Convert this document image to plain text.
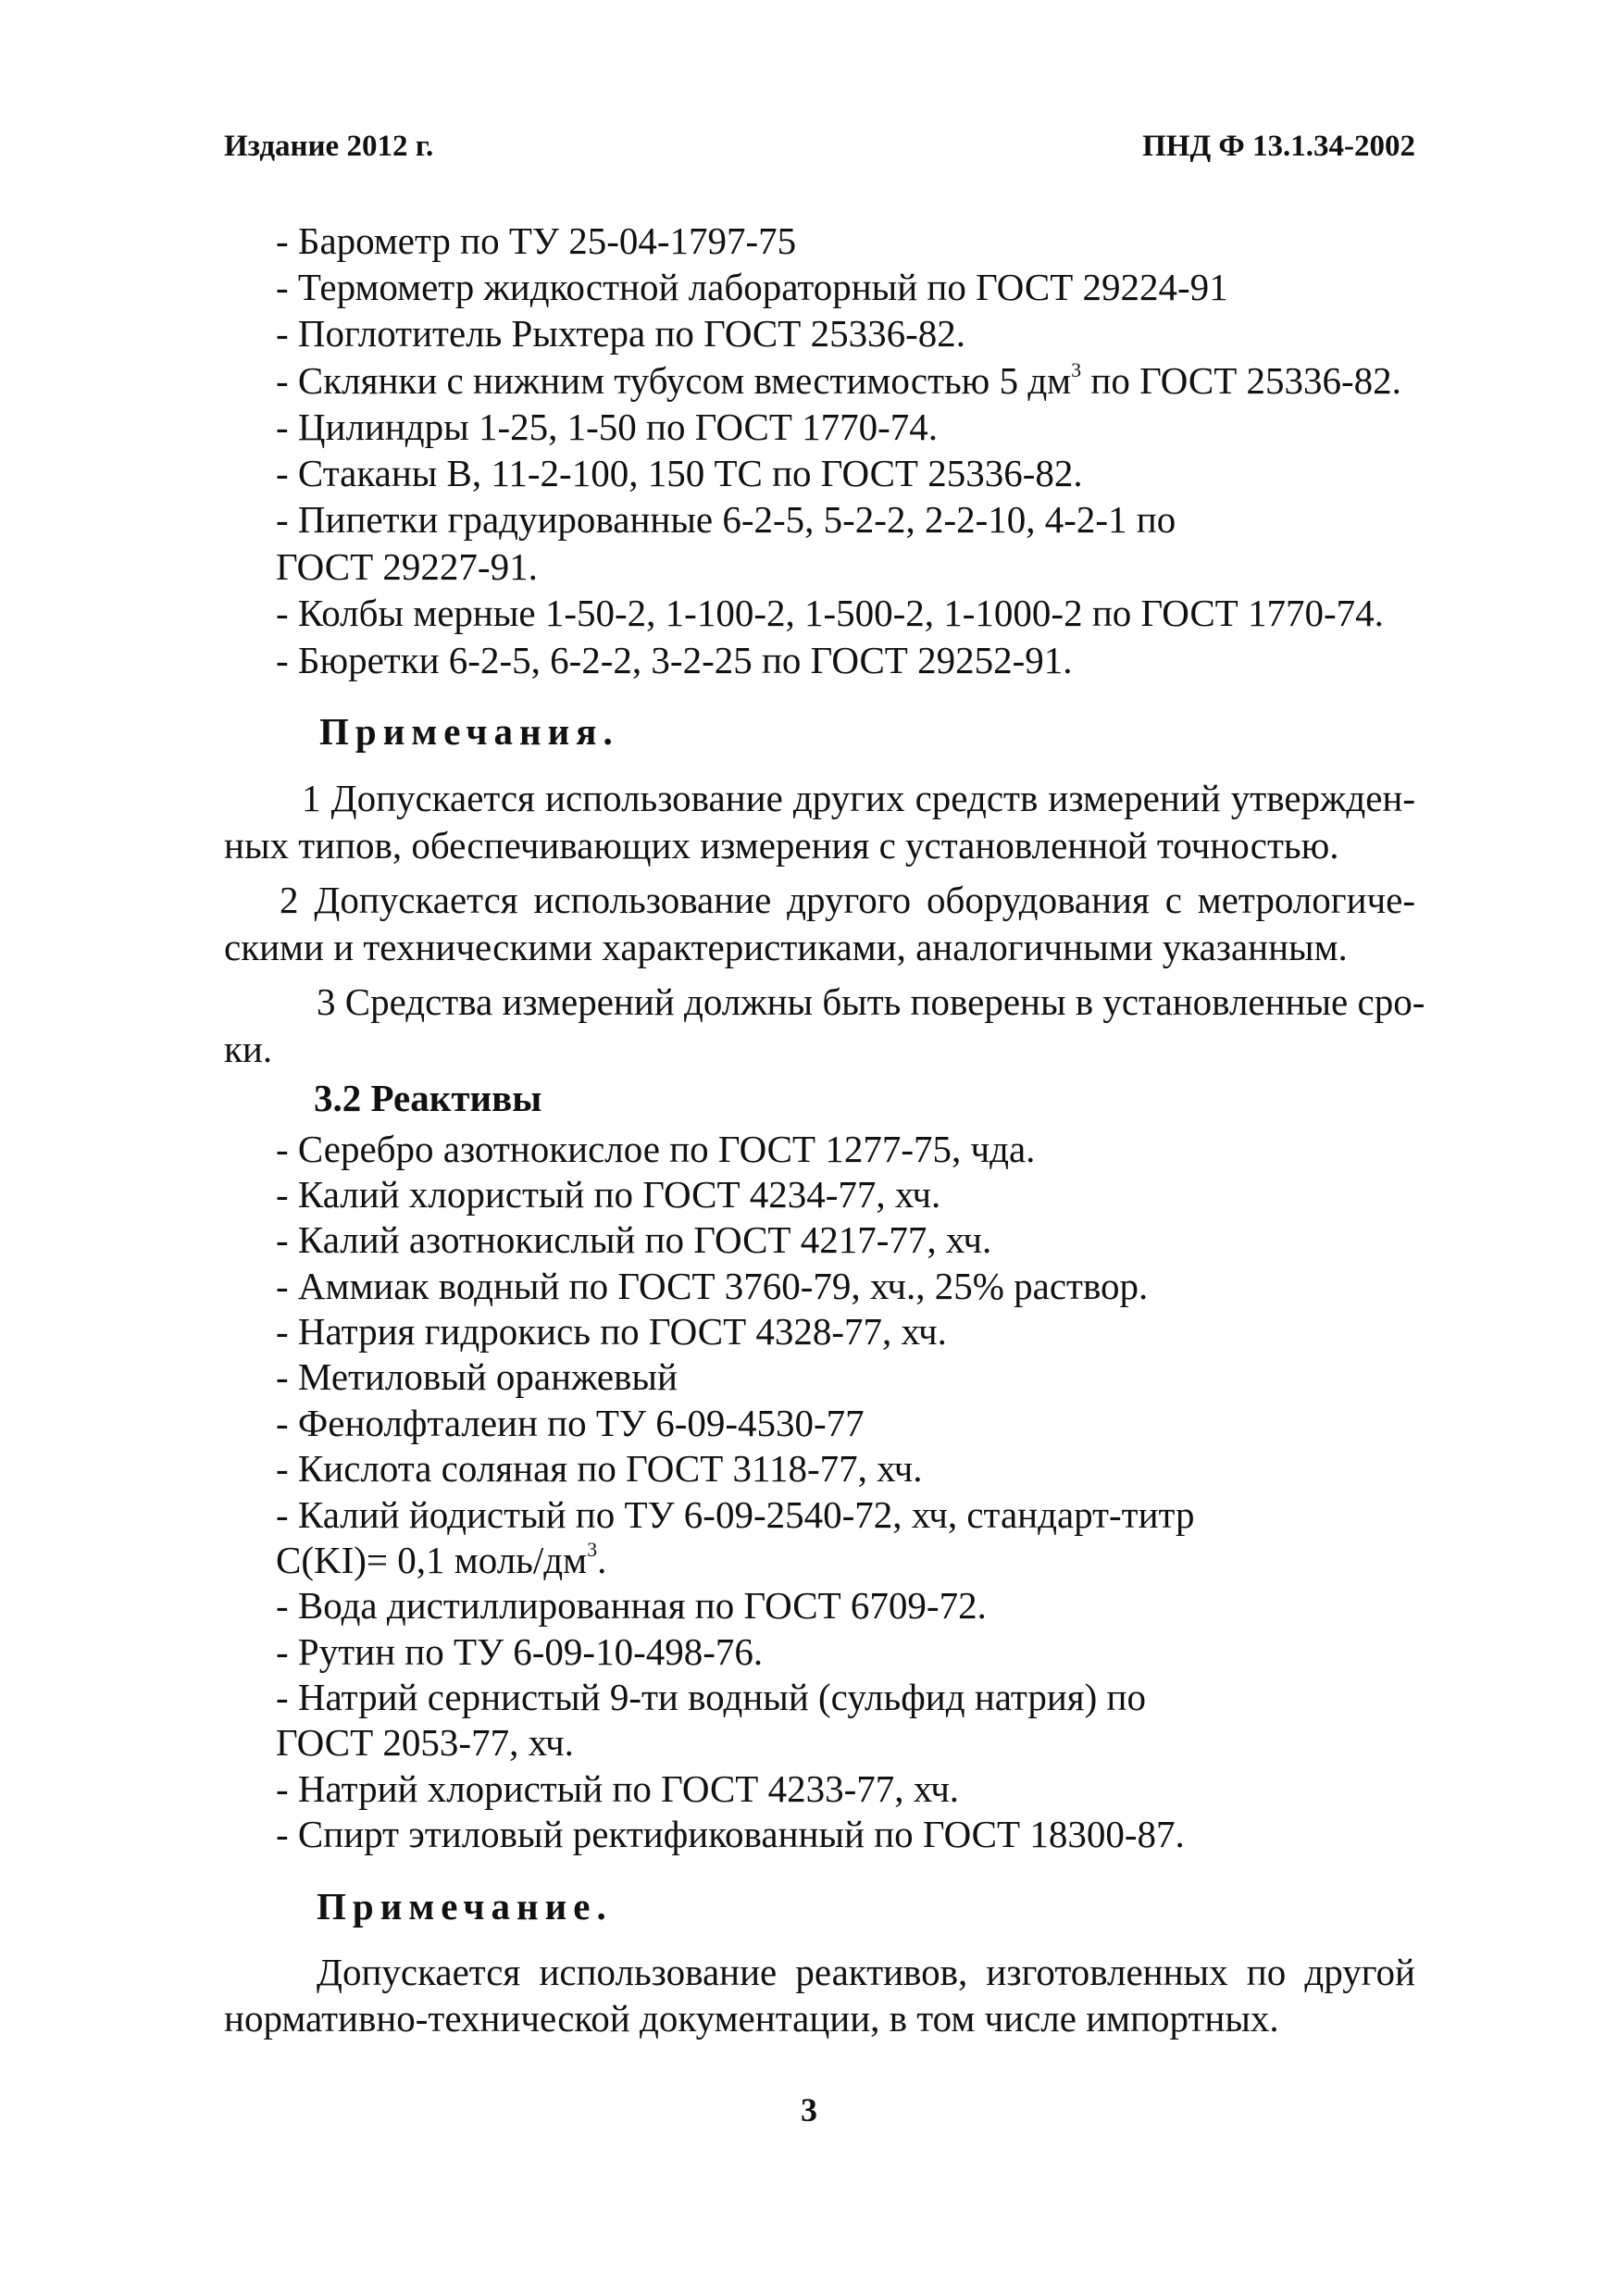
Издание 2012 г.	ПНД Ф 13.1.34-2002
- Барометр по ТУ 25-04-1797-75
- Термометр жидкостной лабораторный по ГОСТ 29224-91
- Поглотитель Рыхтера по ГОСТ 25336-82.
- Склянки с нижним тубусом вместимостью 5 $дм^3$ по ГОСТ 25336-82.
- Цилиндры 1-25, 1-50 по ГОСТ 1770-74.
- Стаканы В, 11-2-100, 150 ТС по ГОСТ 25336-82.
- Пипетки градуированные 6-2-5, 5-2-2, 2-2-10, 4-2-1 по
ГОСТ 29227-91.
- Колбы мерные 1-50-2, 1-100-2, 1-500-2, 1-1000-2 по ГОСТ 1770-74.
- Бюретки 6-2-5, 6-2-2, 3-2-25 по ГОСТ 29252-91.
Примечания.
1 Допускается использование других средств измерений утвержден-
ных типов, обеспечивающих измерения с установленной точностью.
2 Допускается использование другого оборудования с метрологиче-
скими и техническими характеристиками, аналогичными указанным.
3 Средства измерений должны быть поверены в установленные сро-
ки.
3.2 Реактивы
- Серебро азотнокислое по ГОСТ 1277-75, чда.
- Калий хлористый по ГОСТ 4234-77, хч.
- Калий азотнокислый по ГОСТ 4217-77, хч.
- Аммиак водный по ГОСТ 3760-79, хч., 25% раствор.
- Натрия гидрокись по ГОСТ 4328-77, хч.
- Метиловый оранжевый
- Фенолфталеин по ТУ 6-09-4530-77
- Кислота соляная по ГОСТ 3118-77, хч.
- Калий йодистый по ТУ 6-09-2540-72, хч, стандарт-титр
С(KI)= 0,1 моль/$дм^3$.
- Вода дистиллированная по ГОСТ 6709-72.
- Рутин по ТУ 6-09-10-498-76.
- Натрий сернистый 9-ти водный (сульфид натрия) по
ГОСТ 2053-77, хч.
- Натрий хлористый по ГОСТ 4233-77, хч.
- Спирт этиловый ректификованный по ГОСТ 18300-87.
Примечание.
Допускается использование реактивов, изготовленных по другой
нормативно-технической документации, в том числе импортных.
3
